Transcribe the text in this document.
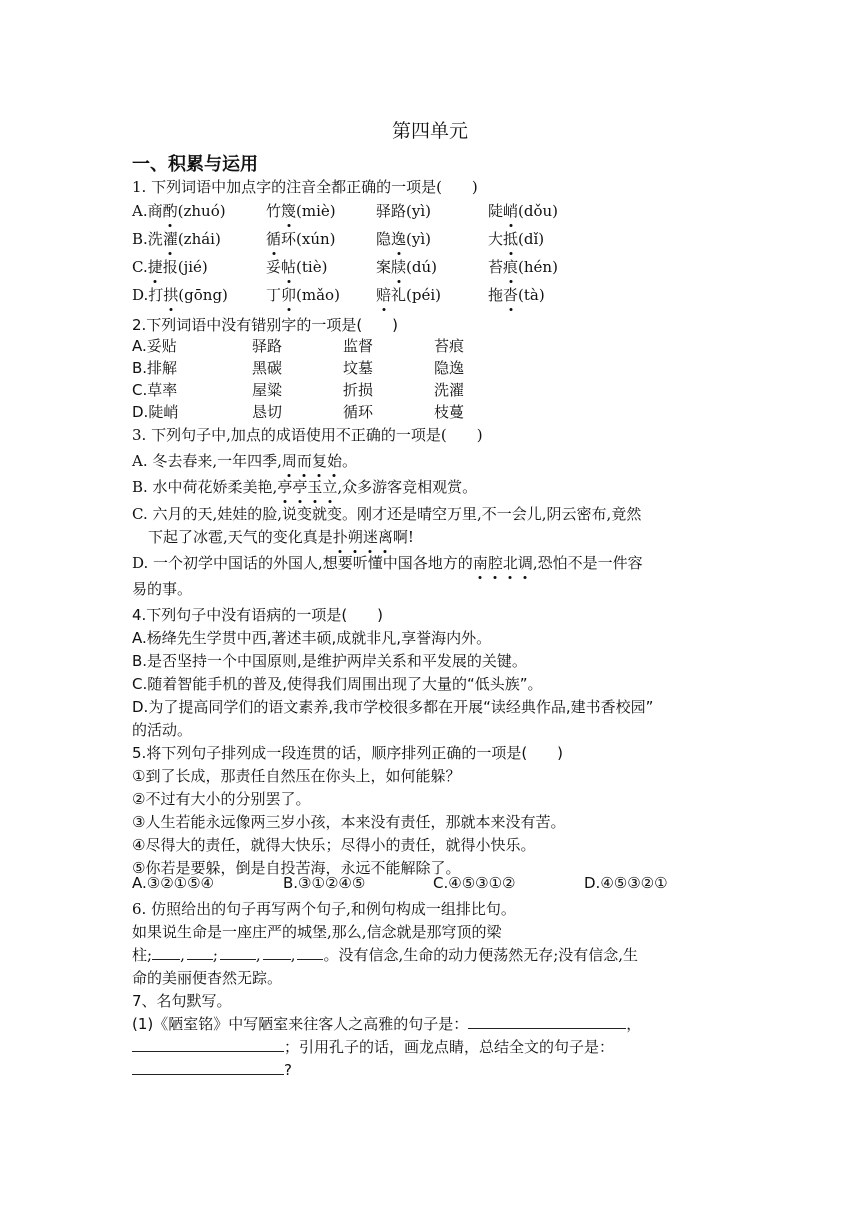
第四单元
一、积累与运用
1. 下列词语中加点字的注音全都正确的一项是(　　)
A.商酌(zhuó)	竹篾(miè)	驿路(yì)	陡峭(dǒu)
B.洗濯(zhái)	循环(xún)	隐逸(yì)	大抵(dǐ)
C.捷报(jié)	妥帖(tiè)	案牍(dú)	苔痕(hén)
D.打拱(gōng)	丁卯(mǎo) 赔礼(péi)	拖沓(tà)
2.下列词语中没有错别字的一项是(　　)
A.妥贴	驿路	监督	苔痕
B.排解	黑碳	坟墓	隐逸
C.草率	屋粱	折损	洗濯
D.陡峭	恳切	循环	枝蔓
3. 下列句子中,加点的成语使用不正确的一项是(　　)
A. 冬去春来,一年四季,周而复始。
B. 水中荷花娇柔美艳,亭亭玉立,众多游客竞相观赏。
C. 六月的天,娃娃的脸,说变就变。刚才还是晴空万里,不一会儿,阴云密布,竟然
下起了冰雹,天气的变化真是扑朔迷离啊!
D. 一个初学中国话的外国人,想要听懂中国各地方的南腔北调,恐怕不是一件容
易的事。
4.下列句子中没有语病的一项是(　　)
A.杨绛先生学贯中西,著述丰硕,成就非凡,享誉海内外。
B.是否坚持一个中国原则,是维护两岸关系和平发展的关键。
C.随着智能手机的普及,使得我们周围出现了大量的“低头族”。
D.为了提高同学们的语文素养,我市学校很多都在开展“读经典作品,建书香校园”
的活动。
5.将下列句子排列成一段连贯的话，顺序排列正确的一项是(　　)
①到了长成，那责任自然压在你头上，如何能躲？
②不过有大小的分别罢了。
③人生若能永远像两三岁小孩，本来没有责任，那就本来没有苦。
④尽得大的责任，就得大快乐；尽得小的责任，就得小快乐。
⑤你若是要躲，倒是自投苦海，永远不能解除了。
A.③②①⑤④	B.③①②④⑤	C.④⑤③①②	D.④⑤③②①
6. 仿照给出的句子再写两个句子,和例句构成一组排比句。
如果说生命是一座庄严的城堡,那么,信念就是那穹顶的梁
柱; , ;	, , 。没有信念,生命的动力便荡然无存;没有信念,生
命的美丽便杳然无踪。
7、名句默写。
(1)《陋室铭》中写陋室来往客人之高雅的句子是：	，
；引用孔子的话，画龙点睛，总结全文的句子是：
?
